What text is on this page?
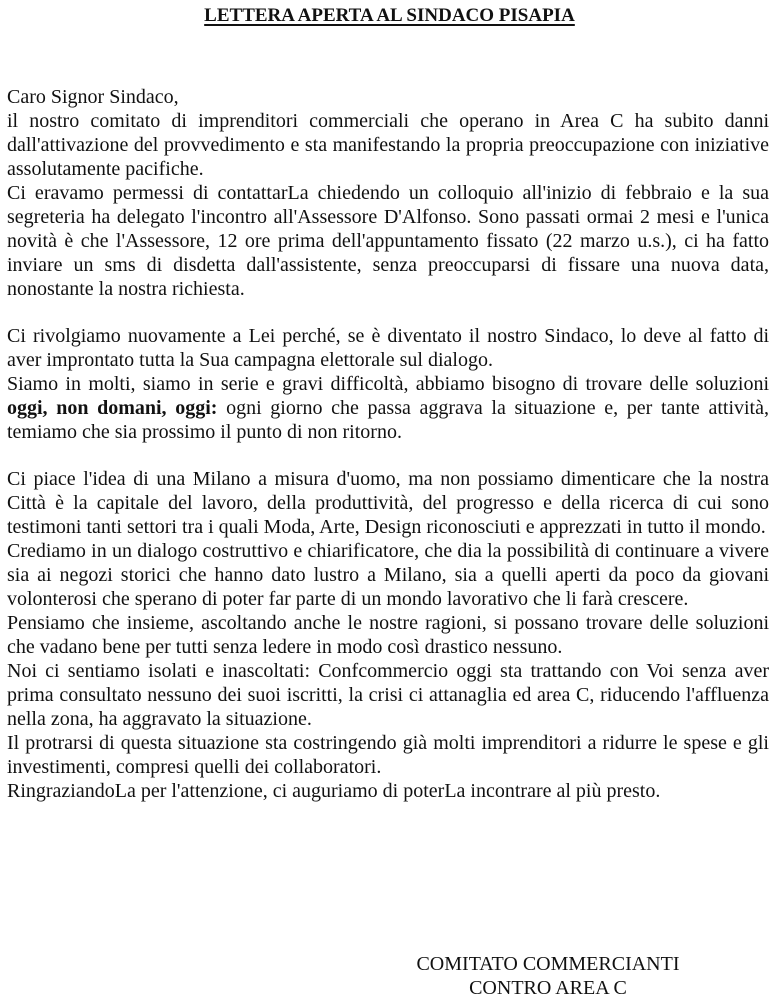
LETTERA APERTA AL SINDACO PISAPIA

Caro Signor Sindaco,

il nostro comitato di imprenditori commerciali che operano in Area C ha subito danni dall'attivazione del provvedimento e sta manifestando la propria preoccupazione con iniziative assolutamente pacifiche.

Ci eravamo permessi di contattarLa chiedendo un colloquio all'inizio di febbraio e la sua segreteria ha delegato l'incontro all'Assessore D'Alfonso. Sono passati ormai 2 mesi e l'unica novità è che l'Assessore, 12 ore prima dell'appuntamento fissato (22 marzo u.s.), ci ha fatto inviare un sms di disdetta dall'assistente, senza preoccuparsi di fissare una nuova data, nonostante la nostra richiesta.

Ci rivolgiamo nuovamente a Lei perché, se è diventato il nostro Sindaco, lo deve al fatto di aver improntato tutta la Sua campagna elettorale sul dialogo.

Siamo in molti, siamo in serie e gravi difficoltà, abbiamo bisogno di trovare delle soluzioni oggi, non domani, oggi: ogni giorno che passa aggrava la situazione e, per tante attività, temiamo che sia prossimo il punto di non ritorno.

Ci piace l'idea di una Milano a misura d'uomo, ma non possiamo dimenticare che la nostra Città è la capitale del lavoro, della produttività, del progresso e della ricerca di cui sono testimoni tanti settori tra i quali Moda, Arte, Design riconosciuti e apprezzati in tutto il mondo.

Crediamo in un dialogo costruttivo e chiarificatore, che dia la possibilità di continuare a vivere sia ai negozi storici che hanno dato lustro a Milano, sia a quelli aperti da poco da giovani volonterosi che sperano di poter far parte di un mondo lavorativo che li farà crescere.

Pensiamo che insieme, ascoltando anche le nostre ragioni, si possano trovare delle soluzioni che vadano bene per tutti senza ledere in modo così drastico nessuno.

Noi ci sentiamo isolati e inascoltati: Confcommercio oggi sta trattando con Voi senza aver prima consultato nessuno dei suoi iscritti, la crisi ci attanaglia ed area C, riducendo l'affluenza nella zona, ha aggravato la situazione.

Il protrarsi di questa situazione sta costringendo già molti imprenditori a ridurre le spese e gli investimenti, compresi quelli dei collaboratori.

RingraziandoLa per l'attenzione, ci auguriamo di poterLa incontrare al più presto.

COMITATO COMMERCIANTI
CONTRO AREA C
